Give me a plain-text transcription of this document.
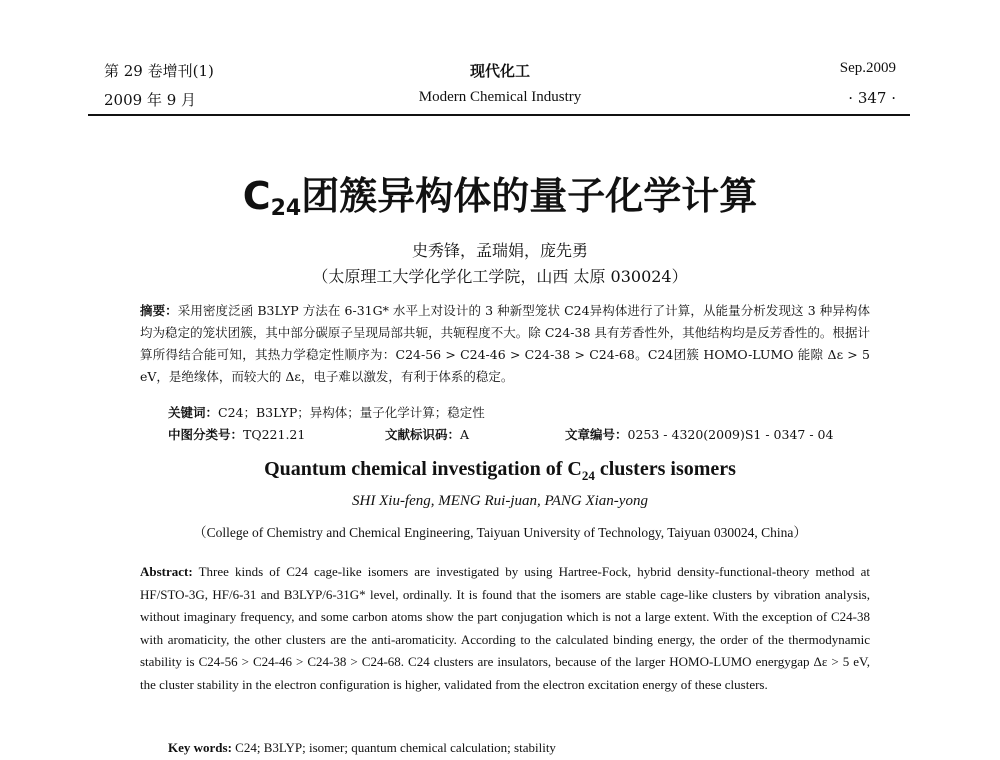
第 29 卷增刊(1)
2009 年 9 月
现代化工
Modern Chemical Industry
Sep.2009
· 347 ·
$C_{24}$团簇异构体的量子化学计算
史秀锋，孟瑞娟，庞先勇
（太原理工大学化学化工学院，山西 太原 030024）
摘要：采用密度泛函 B3LYP 方法在 6-31G* 水平上对设计的 3 种新型笼状 C24异构体进行了计算，从能量分析发现这 3 种异构体均为稳定的笼状团簇，其中部分碳原子呈现局部共轭，共轭程度不大。除 C24-38 具有芳香性外，其他结构均是反芳香性的。根据计算所得结合能可知，其热力学稳定性顺序为：C24-56 > C24-46 > C24-38 > C24-68。C24团簇 HOMO-LUMO 能隙 Δε > 5 eV，是绝缘体，而较大的 Δε，电子难以激发，有利于体系的稳定。
关键词：C24；B3LYP；异构体；量子化学计算；稳定性
中图分类号：TQ221.21	文献标识码：A	文章编号：0253 - 4320(2009)S1 - 0347 - 04
Quantum chemical investigation of $C_{24}$ clusters isomers
SHI Xiu-feng, MENG Rui-juan, PANG Xian-yong
（College of Chemistry and Chemical Engineering, Taiyuan University of Technology, Taiyuan 030024, China）
Abstract: Three kinds of C24 cage-like isomers are investigated by using Hartree-Fock, hybrid density-functional-theory method at HF/STO-3G, HF/6-31 and B3LYP/6-31G* level, ordinally. It is found that the isomers are stable cage-like clusters by vibration analysis, without imaginary frequency, and some carbon atoms show the part conjugation which is not a large extent. With the exception of C24-38 with aromaticity, the other clusters are the anti-aromaticity. According to the calculated binding energy, the order of the thermodynamic stability is C24-56 > C24-46 > C24-38 > C24-68. C24 clusters are insulators, because of the larger HOMO-LUMO energygap Δε > 5 eV, the cluster stability in the electron configuration is higher, validated from the electron excitation energy of these clusters.
Key words: C24; B3LYP; isomer; quantum chemical calculation; stability
